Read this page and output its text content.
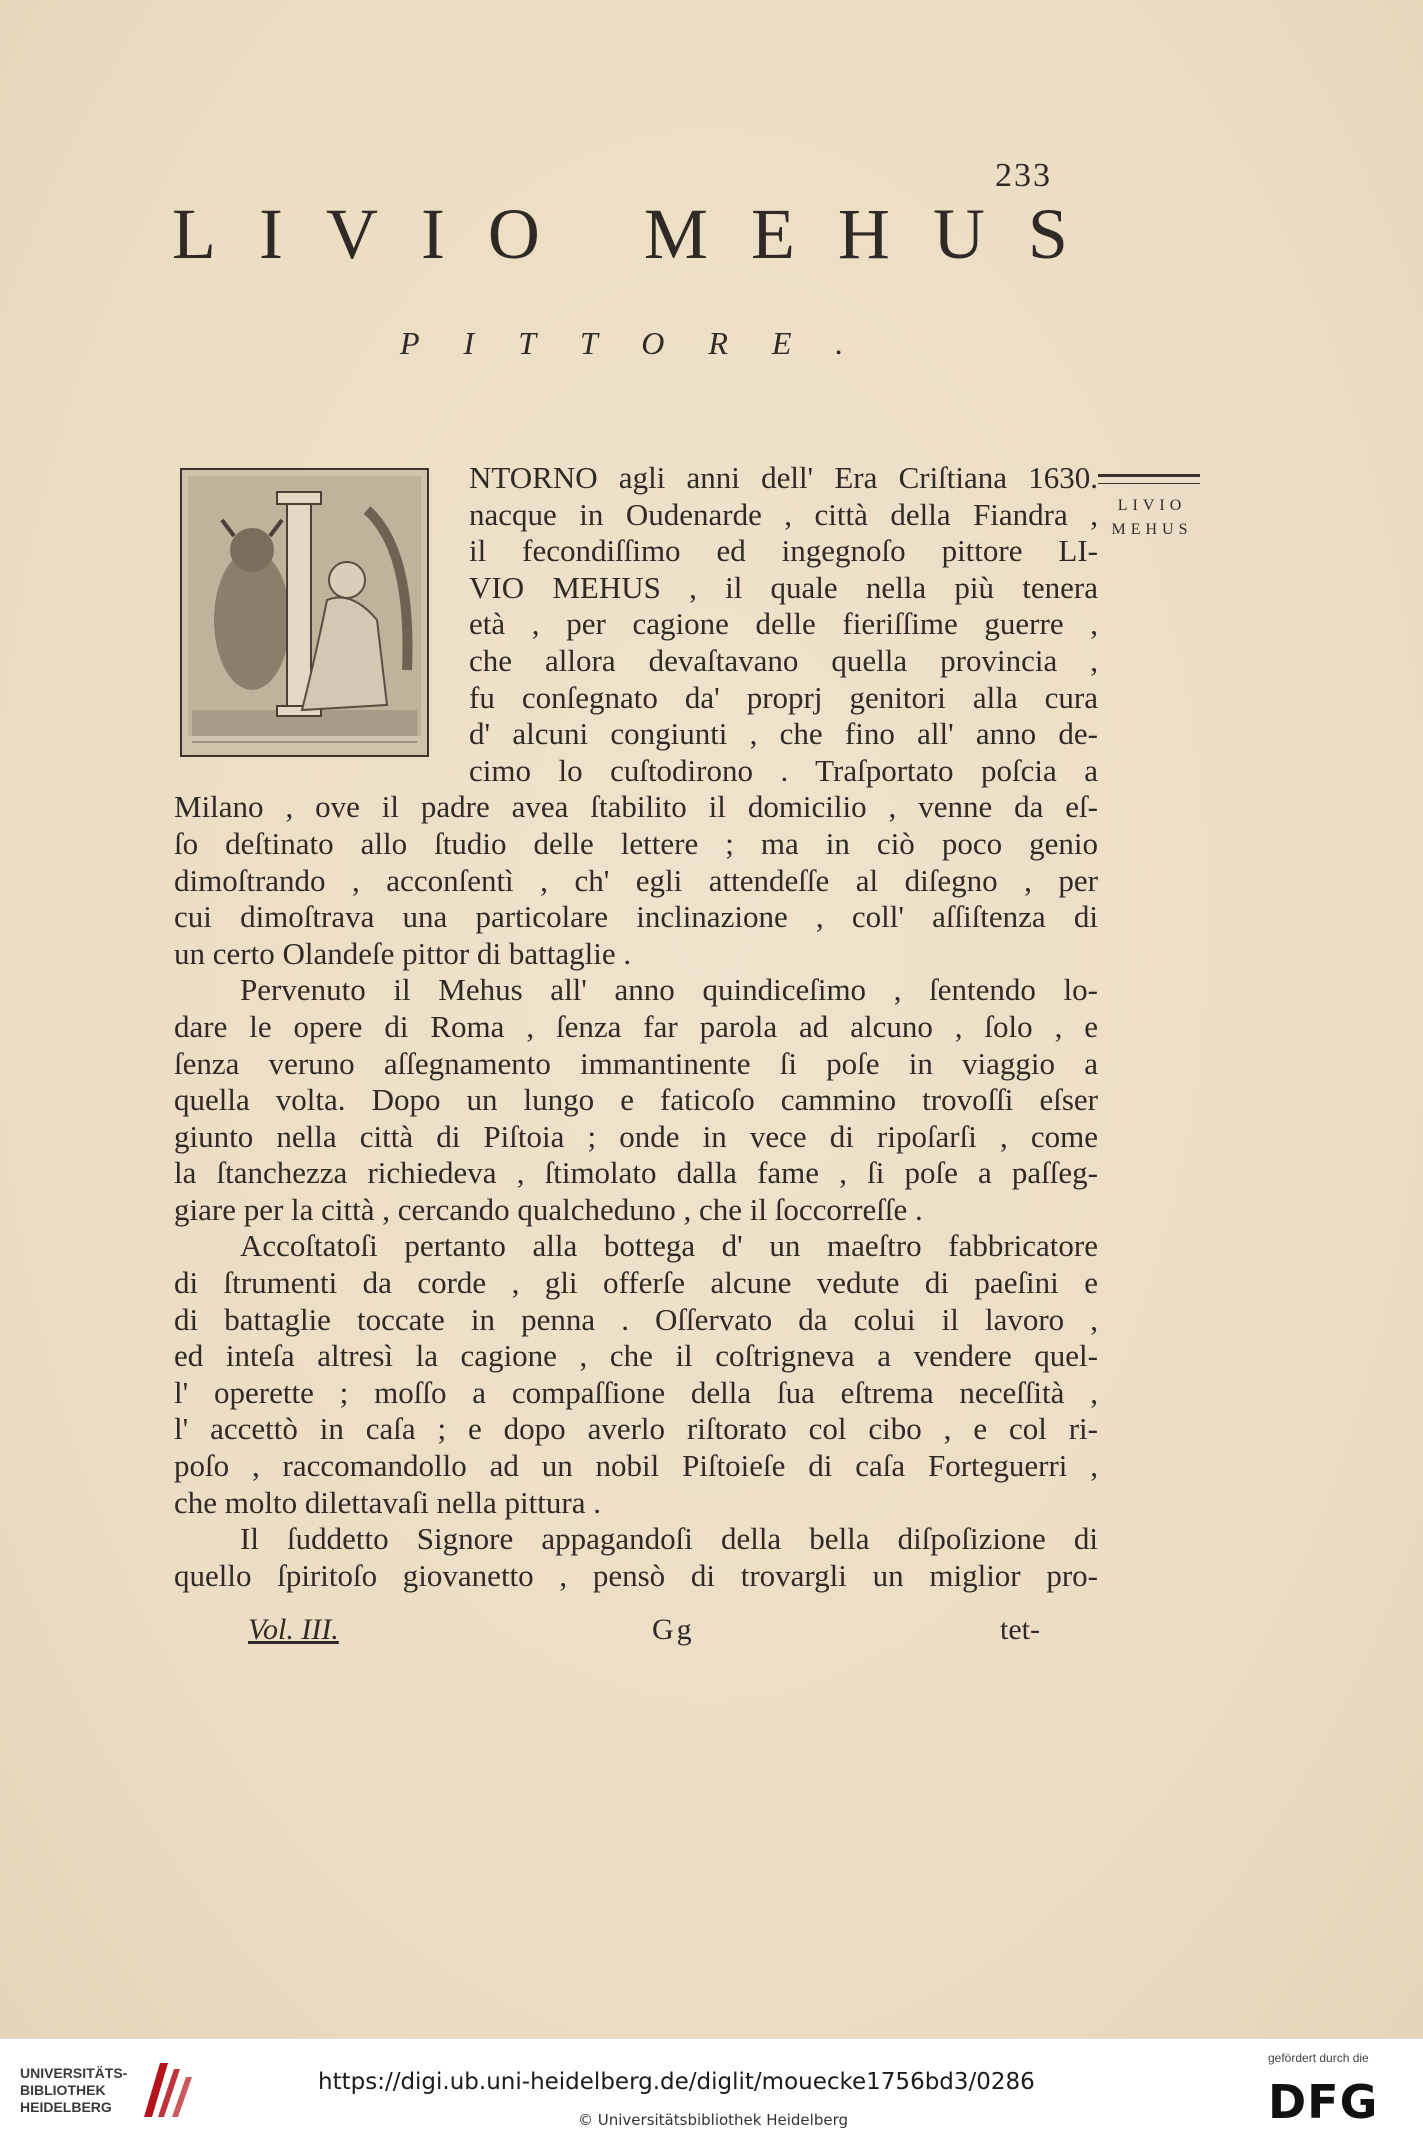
233
LIVIO MEHUS
PITTORE.
LIVIO
MEHUS
NTORNO agli anni dell' Era Criſtiana 1630.
nacque in Oudenarde , città della Fiandra ,
il fecondiſſimo ed ingegnoſo pittore LI-
VIO MEHUS , il quale nella più tenera
età , per cagione delle fieriſſime guerre ,
che allora devaſtavano quella provincia ,
fu conſegnato da' proprj genitori alla cura
d' alcuni congiunti , che fino all' anno de-
cimo lo cuſtodirono . Traſportato poſcia a
Milano , ove il padre avea ſtabilito il domicilio , venne da eſ-
ſo deſtinato allo ſtudio delle lettere ; ma in ciò poco genio
dimoſtrando , acconſentì , ch' egli attendeſſe al diſegno , per
cui dimoſtrava una particolare inclinazione , coll' aſſiſtenza di
un certo Olandeſe pittor di battaglie .
Pervenuto il Mehus all' anno quindiceſimo , ſentendo lo-
dare le opere di Roma , ſenza far parola ad alcuno , ſolo , e
ſenza veruno aſſegnamento immantinente ſi poſe in viaggio a
quella volta. Dopo un lungo e faticoſo cammino trovoſſi eſser
giunto nella città di Piſtoia ; onde in vece di ripoſarſi , come
la ſtanchezza richiedeva , ſtimolato dalla fame , ſi poſe a paſſeg-
giare per la città , cercando qualcheduno , che il ſoccorreſſe .
Accoſtatoſi pertanto alla bottega d' un maeſtro fabbricatore
di ſtrumenti da corde , gli offerſe alcune vedute di paeſini e
di battaglie toccate in penna . Oſſervato da colui il lavoro ,
ed inteſa altresì la cagione , che il coſtrigneva a vendere quel-
l' operette ; moſſo a compaſſione della ſua eſtrema neceſſità ,
l' accettò in caſa ; e dopo averlo riſtorato col cibo , e col ri-
poſo , raccomandollo ad un nobil Piſtoieſe di caſa Forteguerri ,
che molto dilettavaſi nella pittura .
Il ſuddetto Signore appagandoſi della bella diſpoſizione di
quello ſpiritoſo giovanetto , pensò di trovargli un miglior pro-
Vol. III.	Gg	tet-
UNIVERSITÄTS-
BIBLIOTHEK
HEIDELBERG
https://digi.ub.uni-heidelberg.de/diglit/mouecke1756bd3/0286
© Universitätsbibliothek Heidelberg
gefördert durch die
DFG
